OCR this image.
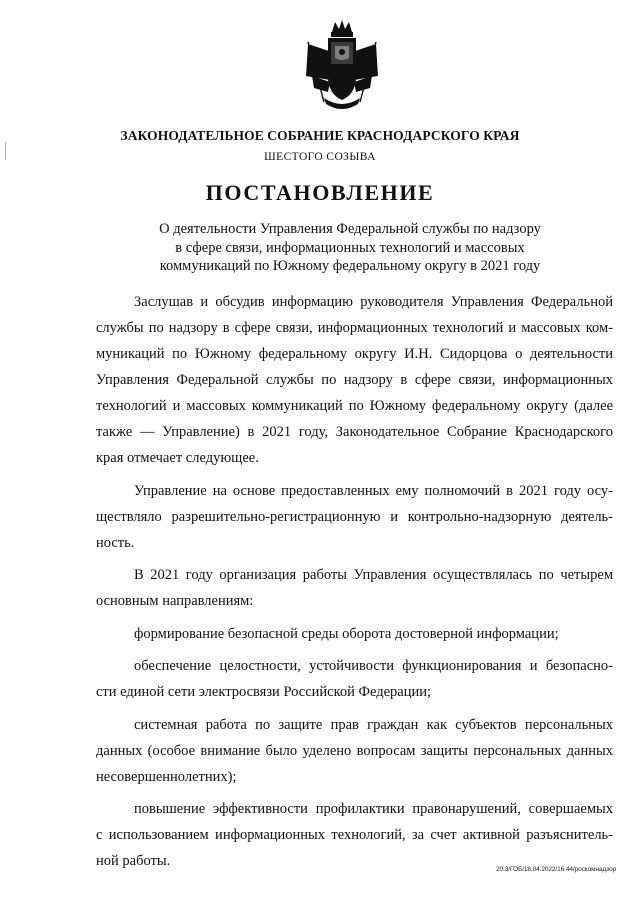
ЗАКОНОДАТЕЛЬНОЕ СОБРАНИЕ КРАСНОДАРСКОГО КРАЯ
ШЕСТОГО СОЗЫВА
ПОСТАНОВЛЕНИЕ
О деятельности Управления Федеральной службы по надзору
в сфере связи, информационных технологий и массовых
коммуникаций по Южному федеральному округу в 2021 году
Заслушав и обсудив информацию руководителя Управления Федеральной
службы по надзору в сфере связи, информационных технологий и массовых ком-
муникаций по Южному федеральному округу И.Н. Сидорцова о деятельности
Управления Федеральной службы по надзору в сфере связи, информационных
технологий и массовых коммуникаций по Южному федеральному округу (далее
также — Управление) в 2021 году, Законодательное Собрание Краснодарского
края отмечает следующее.
Управление на основе предоставленных ему полномочий в 2021 году осу-
ществляло разрешительно-регистрационную и контрольно-надзорную деятель-
ность.
В 2021 году организация работы Управления осуществлялась по четырем
основным направлениям:
формирование безопасной среды оборота достоверной информации;
обеспечение целостности, устойчивости функционирования и безопасно-
сти единой сети электросвязи Российской Федерации;
системная работа по защите прав граждан как субъектов персональных
данных (особое внимание было уделено вопросам защиты персональных данных
несовершеннолетних);
повышение эффективности профилактики правонарушений, совершаемых
с использованием информационных технологий, за счет активной разъяснитель-
ной работы.
20.3/ГОБ/18.04.2022/16:44/роскомнадзор
